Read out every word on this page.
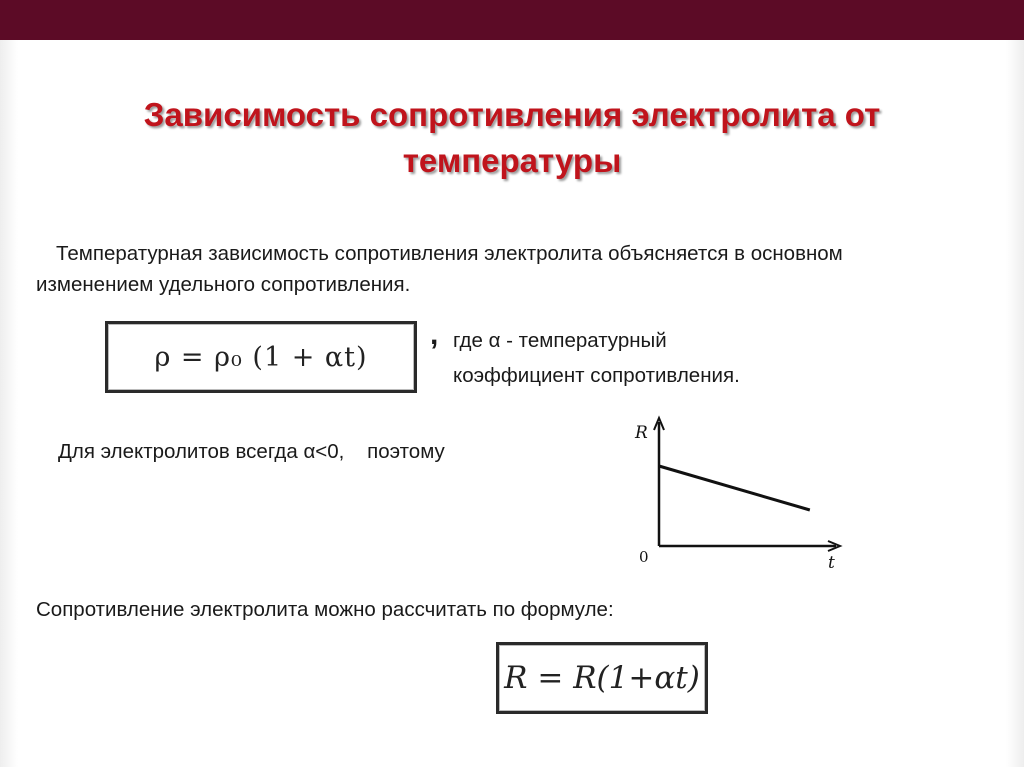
Зависимость сопротивления электролита от температуры
Температурная зависимость сопротивления электролита объясняется в основном изменением удельного сопротивления.
ρ = ρ₀ (1 + αt)
, где α - температурный
коэффициент сопротивления.
Для электролитов всегда α<0,    поэтому
R
t
0
Сопротивление электролита можно рассчитать по формуле:
R = R(1+αt)
